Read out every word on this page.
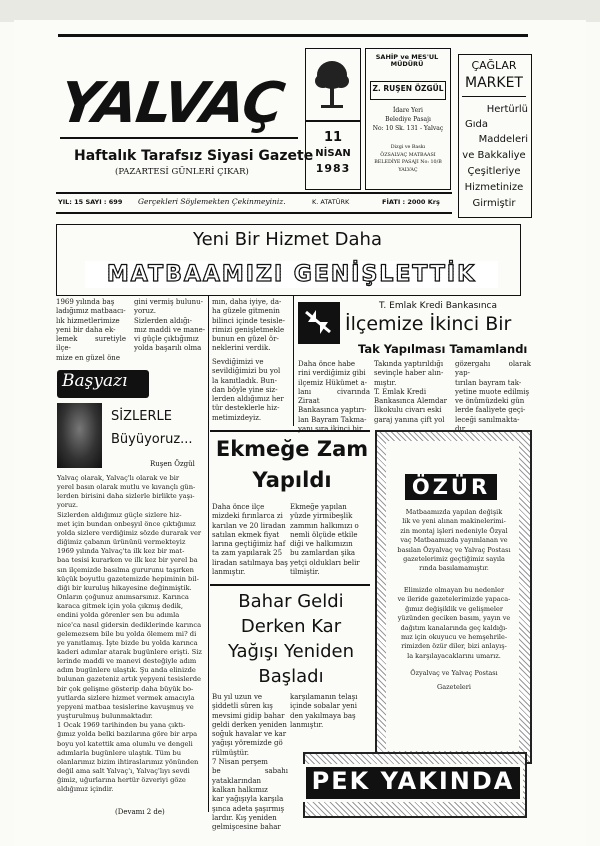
YALVAÇ
Haftalık Tarafsız Siyasi Gazete
(PAZARTESİ GÜNLERİ ÇIKAR)
11
NİSAN
1983
SAHİP ve MES'UL MÜDÜRÜ
Z. RUŞEN ÖZGÜL
İdare Yeri
Belediye Pasajı
No: 10 Sk. 131 - Yalvaç
Dizgi ve Baskı
ÖZSALVAÇ MATBAASI
BELEDİYE PASAJI No: 10/B
YALVAÇ
ÇAĞLAR
MARKET
Hertürlü
Gıda
Maddeleri
ve Bakkaliye
Çeşitleriye
Hizmetinize
Girmiştir
YIL: 15 SAYI : 699 Gerçekleri Söylemekten Çekinmeyiniz.	K. ATATÜRK	FİATI : 2000 Krş
Yeni Bir Hizmet Daha
MATBAAMIZI GENİŞLETTİK
1969 yılında baş
ladığımız matbaacı-
lık hizmetlerimize
yeni bir daha ek-
lemek suretiyle ilçe-
mize en güzel öne
gini vermiş bulunu-
yoruz.
Sizlerden aldığı-
mız maddi ve mane-
vi güçle çıktığımız
yolda başarılı olma
mın, daha iyiye, da-
ha güzele gitmenin
bilinci içinde tesisle-
rimizi genişletmekle
bunun en güzel ör-
neklerini verdik.
Sevdiğimizi ve
sevildiğimizi bu yol
la kanıtladık. Bun-
dan böyle yine siz-
lerden aldığımız her
tür desteklerle hiz-
metimizdeyiz.
T. Emlak Kredi Bankasınca
İlçemize İkinci Bir
Tak Yapılması Tamamlandı
Daha önce habe
rini verdiğimiz gibi
ilçemiz Hükümet a-
lanı civarında Ziraat
Bankasınca yaptırı-
lan Bayram Takma-

Takında yaptırıldığı
sevinçle haber alın-
mıştır.
T. Emlak Kredi
Bankasınca Alemdar
İlkokulu civarı eski
garaj yanına çift yol
gözergahı olarak yap-
tırılan bayram tak-
yetine muote edilmiş
ve önümüzdeki gün
lerde faaliyete geçi-
leceği sanılmakta-

Başyazı
SİZLERLE
Büyüyoruz...
Ruşen Özgül
Yalvaç olarak, Yalvaç'lı olarak ve bir
yerel basın olarak mutlu ve kıvançlı gün-
lerden birisini daha sizlerle birlikte yaşı-
yoruz.
Sizlerden aldığımız güçle sizlere hiz-
met için bundan onbeşyıl önce çıktığımız
yolda sizlere verdiğimiz sözde durarak ver
diğimiz çabanın ürününü vermekteyiz
1969 yılında Yalvaç'ta ilk kez bir mat-
baa tesisi kurarken ve ilk kez bir yerel ba
sın ilçemizde basılma gururunu taşırken
küçük boyutlu gazetemizde hepiminin bil-
diği bir kuruluş hikayesine değinmiştik.
Onların çoğunuz anımsarsınız. Karınca
karaca gitmek için yola çıkmış dedik,
endini yolda görenler sen bu adımla
nice'ca nasıl gidersin dediklerinde karınca
gelemezsem bile bu yolda ölemem mi? di
ye yanıtlamış. İşte bizde bu yolda karınca
kaderi adımlar atarak bugünlere erişti. Siz
lerinde maddi ve manevi desteğiyle adım
adım bugünlere ulaştık. Şu anda elinizde
bulunan gazeteniz artık yepyeni tesislerde
bir çok gelişme gösterip daha büyük bo-
yutlarda sizlere hizmet vermek amacıyla
yepyeni matbaa tesislerine kavuşmuş ve
yuşturulmuş bulunmaktadır.
1 Ocak 1969 tarihinden bu yana çıktı-
ğımız yolda belki bazılarına göre bir arpa
boyu yol katettik ama olumlu ve dengeli
adımlarla bugünlere ulaştık. Tüm bu
olanlarımız bizim ihtiraslarımız yönünden
değil ama salt Yalvaç'ı, Yalvaç'lıyı sevdi
ğimiz, uğurlarına hertür özveriyi göze
aldığımız içindir.
(Devamı 2 de)
Ekmeğe Zam
Yapıldı
Daha önce ilçe
mizdeki fırınlarca zi
karılan ve 20 liradan
satılan ekmek fiyat
larına geçtiğimiz haf
ta zam yapılarak 25
liradan satılmaya baş
lanmıştır.
Ekmeğe yapılan
yüzde yirmibeşlik
zammın halkımızı o
nemli ölçüde etkile
diği ve halkımızın
bu zamlardan şika
yetçi oldukları belir
tilmiştir.
Bahar Geldi
Derken Kar
Yağışı Yeniden
Başladı
Bu yıl uzun ve
şiddetli süren kış
mevsimi gidip bahar
geldi derken yeniden
soğuk havalar ve kar
yağışı yöremizde gö
rülmüştür.
7 Nisan perşem
be sabahı yataklarından
kalkan halkımız
kar yağışıyla karşıla
şınca adeta şaşırmış
lardır. Kış yeniden
gelmişcesine bahar
karşılamanın telaşı
içinde sobalar yeni
den yakılmaya baş
lanmıştır.
ÖZÜR
Matbaamızda yapılan değişik
lik ve yeni alınan makinelerimi-
zin montaj işleri nedeniyle Özyal
vaç Matbaamızda yayımlanan ve
basılan Özyalvaç ve Yalvaç Postası
gazetelerimiz geçtiğimiz sayıla
rında basılamamıştır.
Elimizde olmayan bu nedenler
ve ileride gazetelerimizde yapaca-
ğımız değişiklik ve gelişmeler
yüzünden geciken basım, yayın ve
dağıtım kanalarında geç kaldığı-
mız için okuyucu ve hemşehrile-
rimizden özür diler, bizi anlayış-
la karşılayacaklarını umarız.
Özyalvaç ve Yalvaç Postası
Gazeteleri
PEK YAKINDA
